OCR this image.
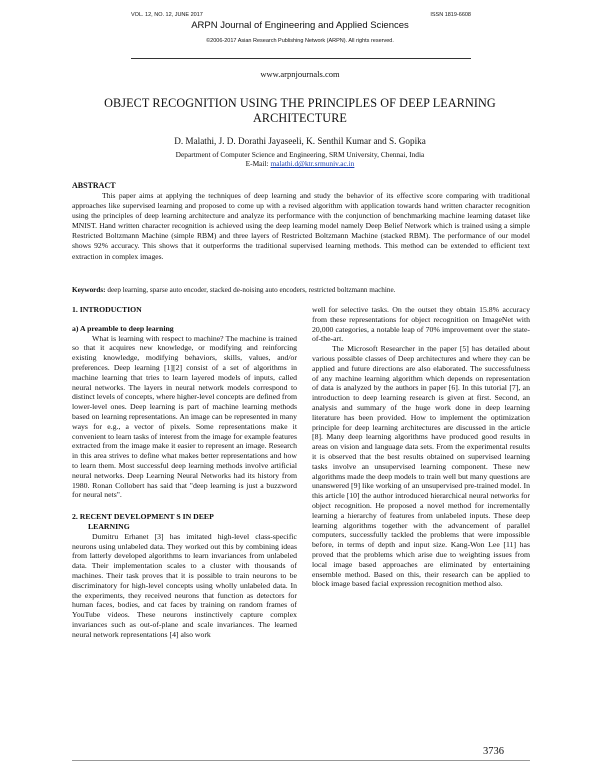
VOL. 12, NO. 12, JUNE 2017	ISSN 1819-6608
ARPN Journal of Engineering and Applied Sciences
©2006-2017 Asian Research Publishing Network (ARPN). All rights reserved.
www.arpnjournals.com
OBJECT RECOGNITION USING THE PRINCIPLES OF DEEP LEARNING
ARCHITECTURE
D. Malathi, J. D. Dorathi Jayaseeli, K. Senthil Kumar and S. Gopika
Department of Computer Science and Engineering, SRM University, Chennai, India
E-Mail: malathi.d@ktr.srmuniv.ac.in
ABSTRACT
This paper aims at applying the techniques of deep learning and study the behavior of its effective score comparing with traditional approaches like supervised learning and proposed to come up with a revised algorithm with application towards hand written character recognition using the principles of deep learning architecture and analyze its performance with the conjunction of benchmarking machine learning dataset like MNIST. Hand written character recognition is achieved using the deep learning model namely Deep Belief Network which is trained using a simple Restricted Boltzmann Machine (simple RBM) and three layers of Restricted Boltzmann Machine (stacked RBM). The performance of our model shows 92% accuracy. This shows that it outperforms the traditional supervised learning methods. This method can be extended to efficient text extraction in complex images.
Keywords: deep learning, sparse auto encoder, stacked de-noising auto encoders, restricted boltzmann machine.

1. INTRODUCTION

a) A preamble to deep learning

What is learning with respect to machine? The machine is trained so that it acquires new knowledge, or modifying and reinforcing existing knowledge, modifying behaviors, skills, values, and/or preferences. Deep learning [1][2] consist of a set of algorithms in machine learning that tries to learn layered models of inputs, called neural networks. The layers in neural network models correspond to distinct levels of concepts, where higher-level concepts are defined from lower-level ones. Deep learning is part of machine learning methods based on learning representations. An image can be represented in many ways for e.g., a vector of pixels. Some representations make it convenient to learn tasks of interest from the image for example features extracted from the image make it easier to represent an image. Research in this area strives to define what makes better representations and how to learn them. Most successful deep learning methods involve artificial neural networks. Deep Learning Neural Networks had its history from 1980. Ronan Collobert has said that "deep learning is just a buzzword for neural nets".

2. RECENT DEVELOPMENT S IN DEEP

LEARNING

Dumitru Erhanet [3] has imitated high-level class-specific neurons using unlabeled data. They worked out this by combining ideas from latterly developed algorithms to learn invariances from unlabeled data. Their implementation scales to a cluster with thousands of machines. Their task proves that it is possible to train neurons to be discriminatory for high-level concepts using wholly unlabeled data. In the experiments, they received neurons that function as detectors for human faces, bodies, and cat faces by training on random frames of YouTube videos. These neurons instinctively capture complex invariances such as out-of-plane and scale invariances. The learned neural network representations [4] also work

well for selective tasks. On the outset they obtain 15.8% accuracy from these representations for object recognition on ImageNet with 20,000 categories, a notable leap of 70% improvement over the state-of-the-art.

The Microsoft Researcher in the paper [5] has detailed about various possible classes of Deep architectures and where they can be applied and future directions are also elaborated. The successfulness of any machine learning algorithm which depends on representation of data is analyzed by the authors in paper [6]. In this tutorial [7], an introduction to deep learning research is given at first. Second, an analysis and summary of the huge work done in deep learning literature has been provided. How to implement the optimization principle for deep learning architectures are discussed in the article [8]. Many deep learning algorithms have produced good results in areas on vision and language data sets. From the experimental results it is observed that the best results obtained on supervised learning tasks involve an unsupervised learning component. These new algorithms made the deep models to train well but many questions are unanswered [9] like working of an unsupervised pre-trained model. In this article [10] the author introduced hierarchical neural networks for object recognition. He proposed a novel method for incrementally learning a hierarchy of features from unlabeled inputs. These deep learning algorithms together with the advancement of parallel computers, successfully tackled the problems that were impossible before, in terms of depth and input size. Kang-Won Lee [11] has proved that the problems which arise due to weighting issues from local image based approaches are eliminated by entertaining ensemble method. Based on this, their research can be applied to block image based facial expression recognition method also.

3736
